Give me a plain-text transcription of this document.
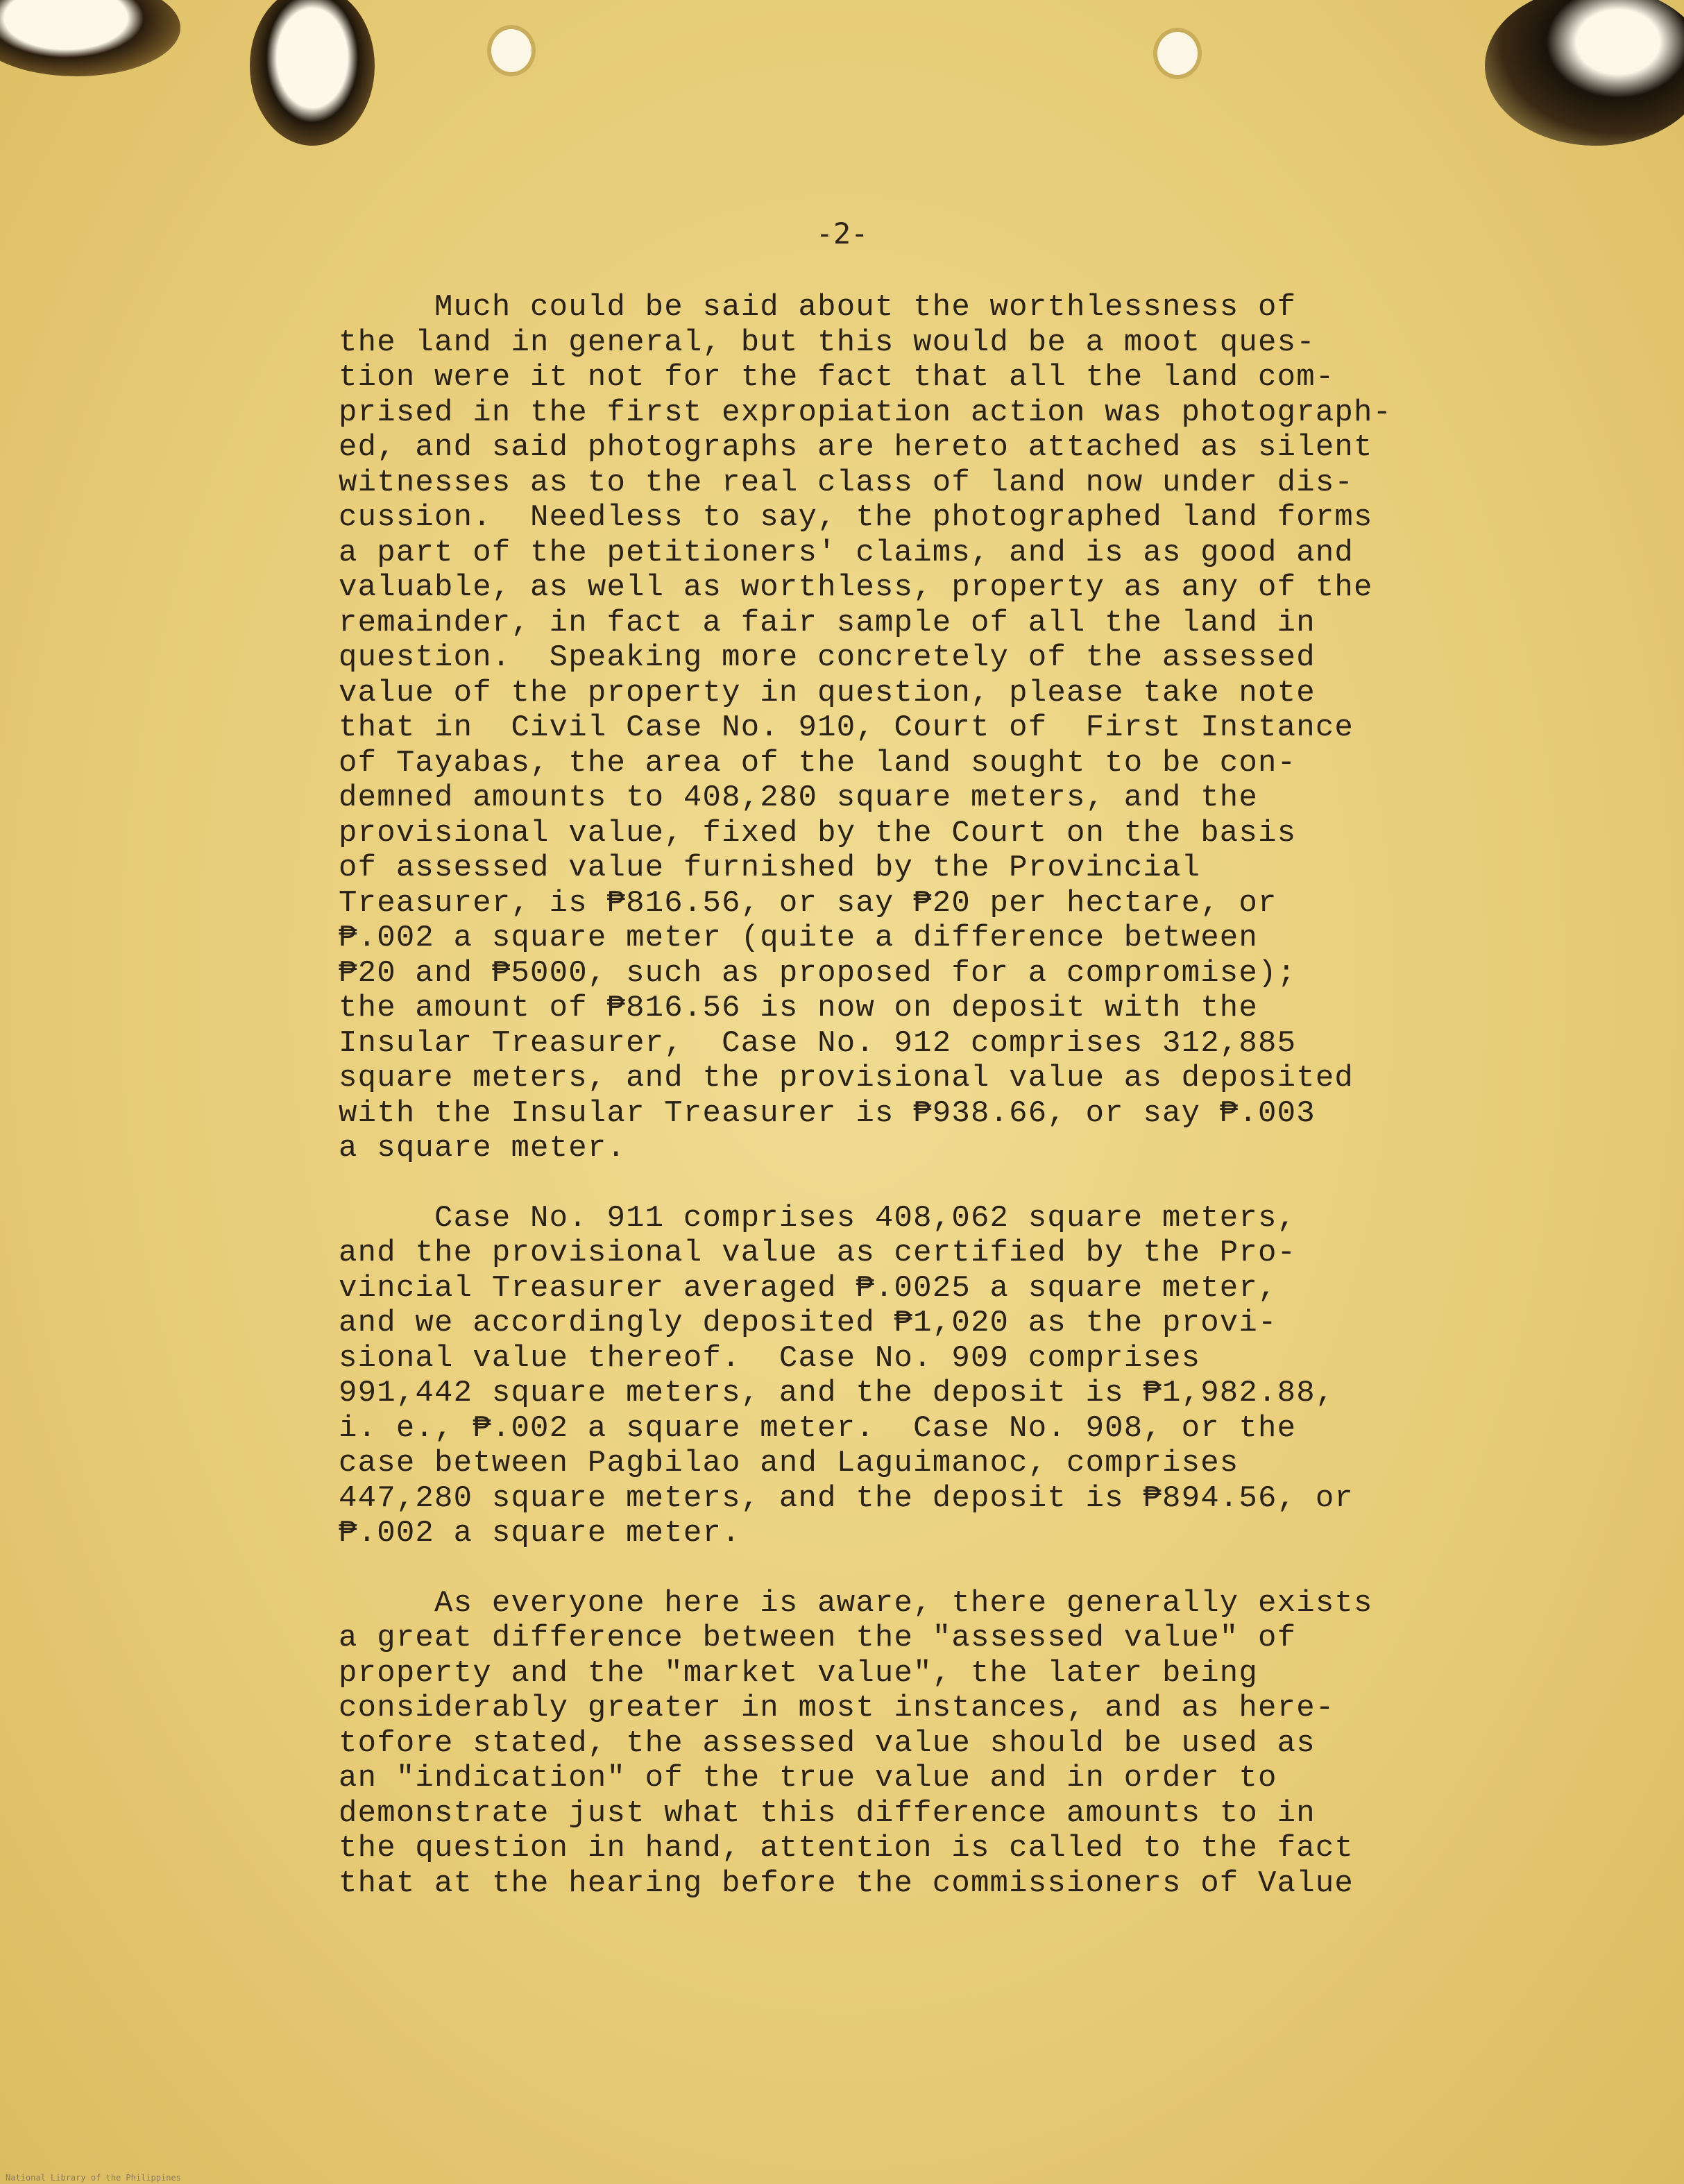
-2-
Much could be said about the worthlessness of
the land in general, but this would be a moot ques-
tion were it not for the fact that all the land com-
prised in the first expropiation action was photograph-
ed, and said photographs are hereto attached as silent
witnesses as to the real class of land now under dis-
cussion.  Needless to say, the photographed land forms
a part of the petitioners' claims, and is as good and
valuable, as well as worthless, property as any of the
remainder, in fact a fair sample of all the land in
question.  Speaking more concretely of the assessed
value of the property in question, please take note
that in  Civil Case No. 910, Court of  First Instance
of Tayabas, the area of the land sought to be con-
demned amounts to 408,280 square meters, and the
provisional value, fixed by the Court on the basis
of assessed value furnished by the Provincial
Treasurer, is ₱816.56, or say ₱20 per hectare, or
₱.002 a square meter (quite a difference between
₱20 and ₱5000, such as proposed for a compromise);
the amount of ₱816.56 is now on deposit with the
Insular Treasurer,  Case No. 912 comprises 312,885
square meters, and the provisional value as deposited
with the Insular Treasurer is ₱938.66, or say ₱.003
a square meter.
Case No. 911 comprises 408,062 square meters,
and the provisional value as certified by the Pro-
vincial Treasurer averaged ₱.0025 a square meter,
and we accordingly deposited ₱1,020 as the provi-
sional value thereof.  Case No. 909 comprises
991,442 square meters, and the deposit is ₱1,982.88,
i. e., ₱.002 a square meter.  Case No. 908, or the
case between Pagbilao and Laguimanoc, comprises
447,280 square meters, and the deposit is ₱894.56, or
₱.002 a square meter.
As everyone here is aware, there generally exists
a great difference between the "assessed value" of
property and the "market value", the later being
considerably greater in most instances, and as here-
tofore stated, the assessed value should be used as
an "indication" of the true value and in order to
demonstrate just what this difference amounts to in
the question in hand, attention is called to the fact
that at the hearing before the commissioners of Value
National Library of the Philippines
